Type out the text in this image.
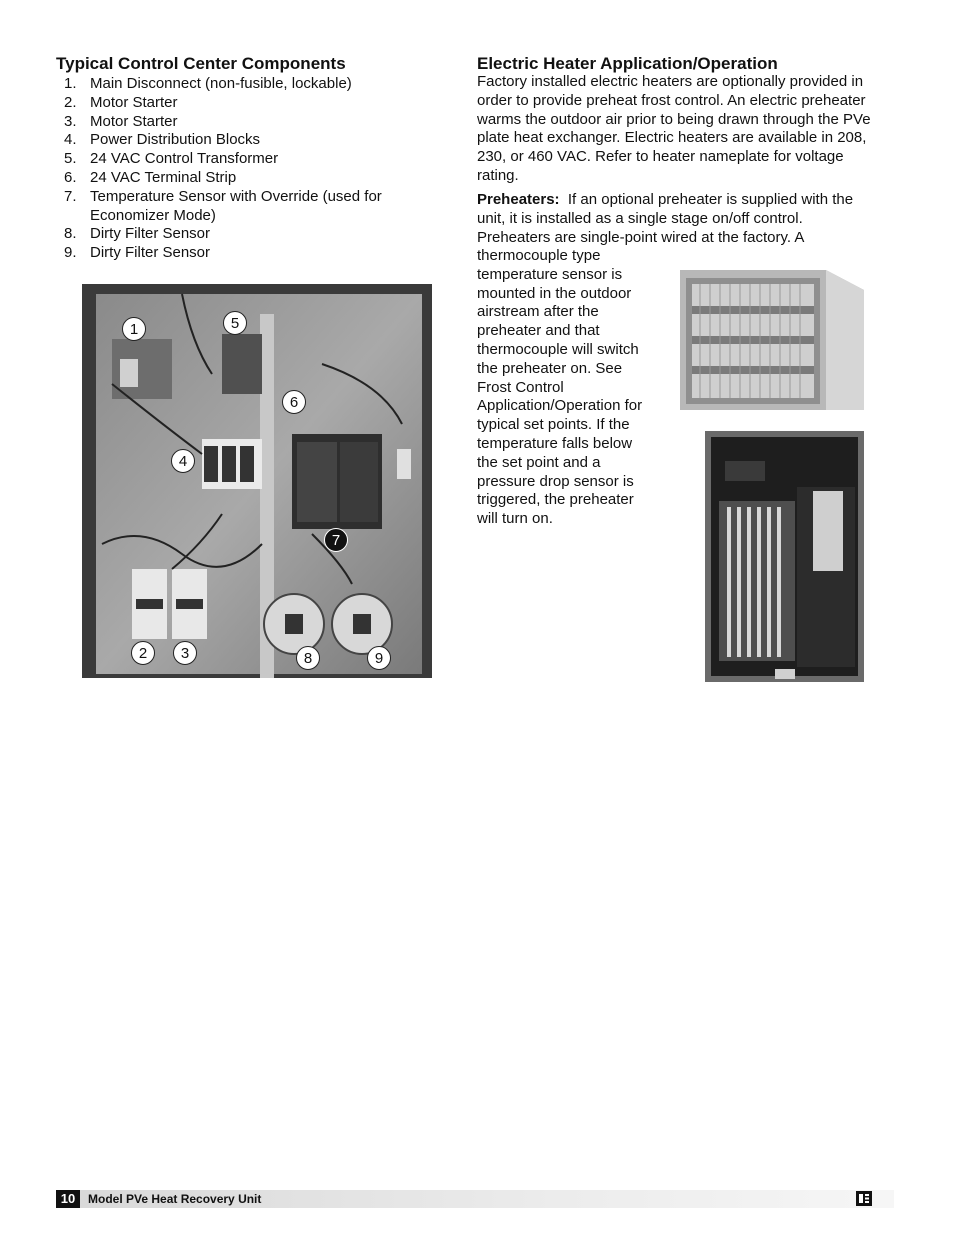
Typical Control Center Components
1. Main Disconnect (non-fusible, lockable)
2. Motor Starter
3. Motor Starter
4. Power Distribution Blocks
5. 24 VAC Control Transformer
6. 24 VAC Terminal Strip
7. Temperature Sensor with Override (used for Economizer Mode)
8. Dirty Filter Sensor
9. Dirty Filter Sensor
1
2	3
4
5
6
7
8	9
Electric Heater Application/Operation

Factory installed electric heaters are optionally provided in order to provide preheat frost control. An electric preheater warms the outdoor air prior to being drawn through the PVe plate heat exchanger. Electric heaters are available in 208, 230, or 460 VAC. Refer to heater nameplate for voltage rating.

Preheaters: If an optional preheater is supplied with the unit, it is installed as a single stage on/off control. Preheaters are single-point wired at the factory. A

thermocouple type temperature sensor is mounted in the outdoor airstream after the preheater and that thermocouple will switch the preheater on. See Frost Control Application/Operation for typical set points. If the temperature falls below the set point and a pressure drop sensor is triggered, the preheater will turn on.

10	Model PVe Heat Recovery Unit
